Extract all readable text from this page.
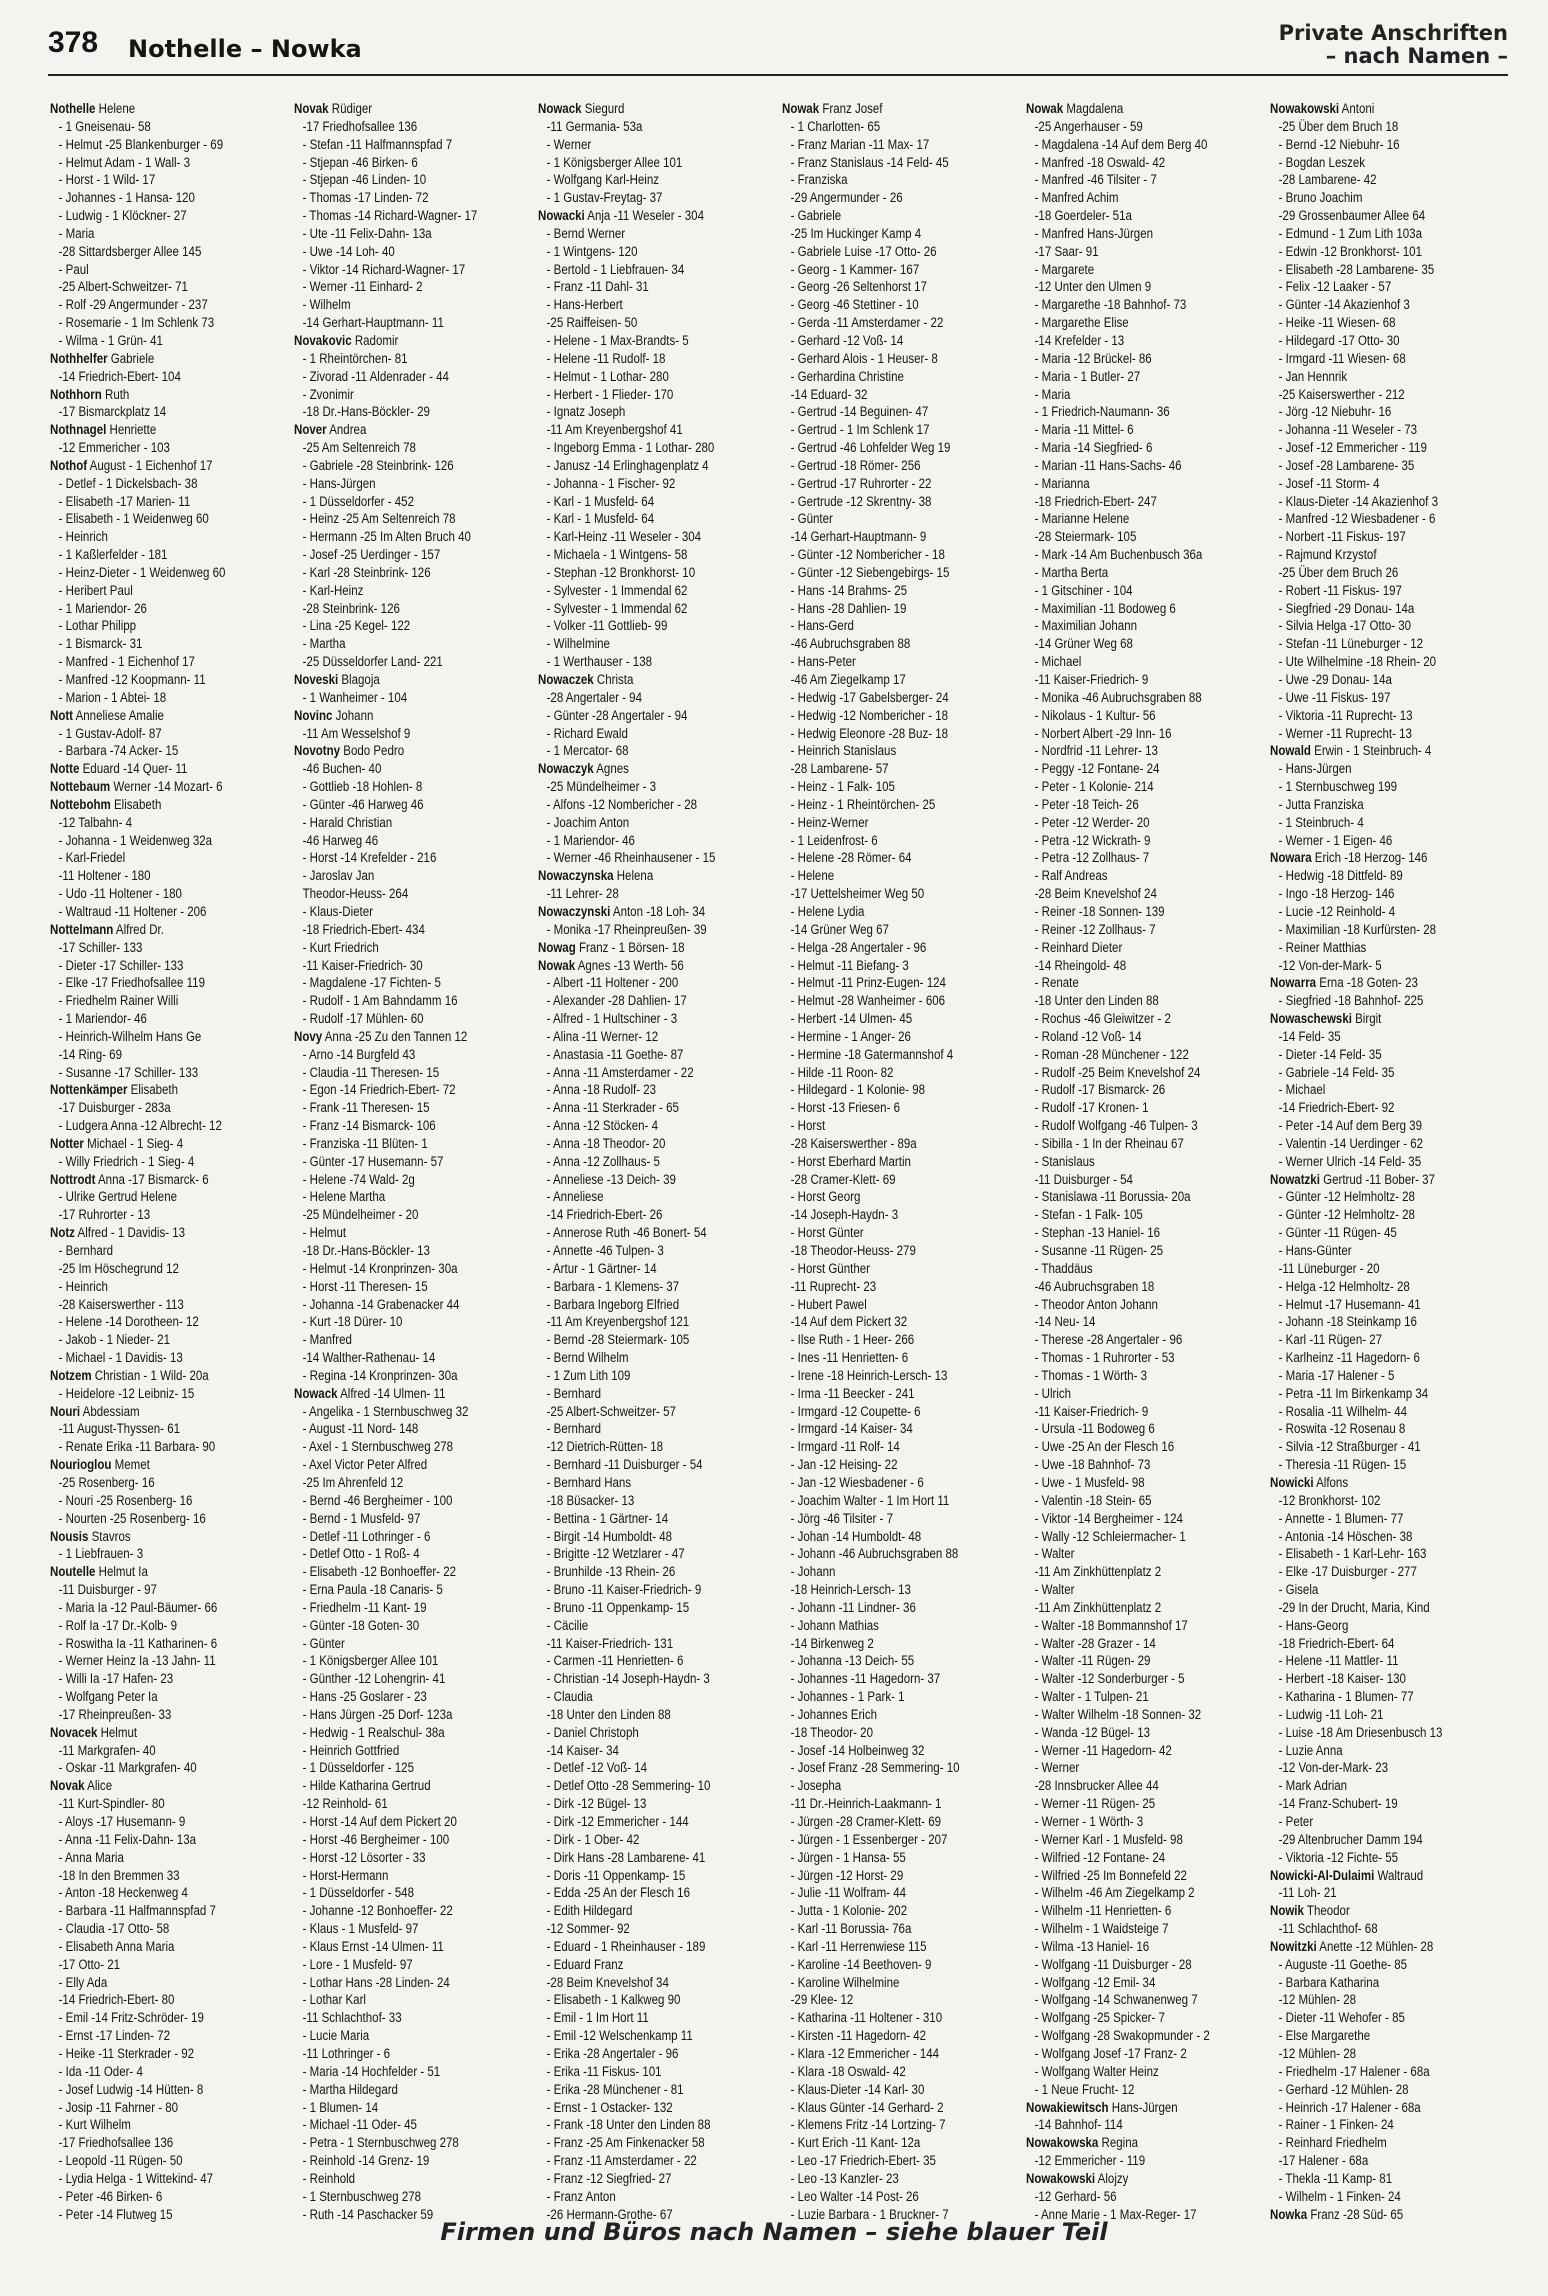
378 Nothelle – Nowka
Private Anschriften
– nach Namen –
Nothelle Helene
- 1 Gneisenau- 58
- Helmut -25 Blankenburger - 69
- Helmut Adam - 1 Wall- 3
- Horst - 1 Wild- 17
- Johannes - 1 Hansa- 120
- Ludwig - 1 Klöckner- 27
- Maria
-28 Sittardsberger Allee 145
- Paul
-25 Albert-Schweitzer- 71
- Rolf -29 Angermunder - 237
- Rosemarie - 1 Im Schlenk 73
- Wilma - 1 Grün- 41
Nothhelfer Gabriele
-14 Friedrich-Ebert- 104
Nothhorn Ruth
-17 Bismarckplatz 14
Nothnagel Henriette
-12 Emmericher - 103
Nothof August - 1 Eichenhof 17
- Detlef - 1 Dickelsbach- 38
- Elisabeth -17 Marien- 11
- Elisabeth - 1 Weidenweg 60
- Heinrich
- 1 Kaßlerfelder - 181
- Heinz-Dieter - 1 Weidenweg 60
- Heribert Paul
- 1 Mariendor- 26
- Lothar Philipp
- 1 Bismarck- 31
- Manfred - 1 Eichenhof 17
- Manfred -12 Koopmann- 11
- Marion - 1 Abtei- 18
Nott Anneliese Amalie
- 1 Gustav-Adolf- 87
- Barbara -74 Acker- 15
Notte Eduard -14 Quer- 11
Nottebaum Werner -14 Mozart- 6
Nottebohm Elisabeth
-12 Talbahn- 4
- Johanna - 1 Weidenweg 32a
- Karl-Friedel
-11 Holtener - 180
- Udo -11 Holtener - 180
- Waltraud -11 Holtener - 206
Nottelmann Alfred Dr.
-17 Schiller- 133
- Dieter -17 Schiller- 133
- Elke -17 Friedhofsallee 119
- Friedhelm Rainer Willi
- 1 Mariendor- 46
- Heinrich-Wilhelm Hans Ge
-14 Ring- 69
- Susanne -17 Schiller- 133
Nottenkämper Elisabeth
-17 Duisburger - 283a
- Ludgera Anna -12 Albrecht- 12
Notter Michael - 1 Sieg- 4
- Willy Friedrich - 1 Sieg- 4
Nottrodt Anna -17 Bismarck- 6
- Ulrike Gertrud Helene
-17 Ruhrorter - 13
Notz Alfred - 1 Davidis- 13
- Bernhard
-25 Im Höschegrund 12
- Heinrich
-28 Kaiserswerther - 113
- Helene -14 Dorotheen- 12
- Jakob - 1 Nieder- 21
- Michael - 1 Davidis- 13
Notzem Christian - 1 Wild- 20a
- Heidelore -12 Leibniz- 15
Nouri Abdessiam
-11 August-Thyssen- 61
- Renate Erika -11 Barbara- 90
Nourioglou Memet
-25 Rosenberg- 16
- Nouri -25 Rosenberg- 16
- Nourten -25 Rosenberg- 16
Nousis Stavros
- 1 Liebfrauen- 3
Noutelle Helmut Ia
-11 Duisburger - 97
- Maria Ia -12 Paul-Bäumer- 66
- Rolf Ia -17 Dr.-Kolb- 9
- Roswitha Ia -11 Katharinen- 6
- Werner Heinz Ia -13 Jahn- 11
- Willi Ia -17 Hafen- 23
- Wolfgang Peter Ia
-17 Rheinpreußen- 33
Novacek Helmut
-11 Markgrafen- 40
- Oskar -11 Markgrafen- 40
Novak Alice
-11 Kurt-Spindler- 80
- Aloys -17 Husemann- 9
- Anna -11 Felix-Dahn- 13a
- Anna Maria
-18 In den Bremmen 33
- Anton -18 Heckenweg 4
- Barbara -11 Halfmannspfad 7
- Claudia -17 Otto- 58
- Elisabeth Anna Maria
-17 Otto- 21
- Elly Ada
-14 Friedrich-Ebert- 80
- Emil -14 Fritz-Schröder- 19
- Ernst -17 Linden- 72
- Heike -11 Sterkrader - 92
- Ida -11 Oder- 4
- Josef Ludwig -14 Hütten- 8
- Josip -11 Fahrner - 80
- Kurt Wilhelm
-17 Friedhofsallee 136
- Leopold -11 Rügen- 50
- Lydia Helga - 1 Wittekind- 47
- Peter -46 Birken- 6
- Peter -14 Flutweg 15
Novak Rüdiger
-17 Friedhofsallee 136
- Stefan -11 Halfmannspfad 7
- Stjepan -46 Birken- 6
- Stjepan -46 Linden- 10
- Thomas -17 Linden- 72
- Thomas -14 Richard-Wagner- 17
- Ute -11 Felix-Dahn- 13a
- Uwe -14 Loh- 40
- Viktor -14 Richard-Wagner- 17
- Werner -11 Einhard- 2
- Wilhelm
-14 Gerhart-Hauptmann- 11
Novakovic Radomir
- 1 Rheintörchen- 81
- Zivorad -11 Aldenrader - 44
- Zvonimir
-18 Dr.-Hans-Böckler- 29
Nover Andrea
-25 Am Seltenreich 78
- Gabriele -28 Steinbrink- 126
- Hans-Jürgen
- 1 Düsseldorfer - 452
- Heinz -25 Am Seltenreich 78
- Hermann -25 Im Alten Bruch 40
- Josef -25 Uerdinger - 157
- Karl -28 Steinbrink- 126
- Karl-Heinz
-28 Steinbrink- 126
- Lina -25 Kegel- 122
- Martha
-25 Düsseldorfer Land- 221
Noveski Blagoja
- 1 Wanheimer - 104
Novinc Johann
-11 Am Wesselshof 9
Novotny Bodo Pedro
-46 Buchen- 40
- Gottlieb -18 Hohlen- 8
- Günter -46 Harweg 46
- Harald Christian
-46 Harweg 46
- Horst -14 Krefelder - 216
- Jaroslav Jan
Theodor-Heuss- 264
- Klaus-Dieter
-18 Friedrich-Ebert- 434
- Kurt Friedrich
-11 Kaiser-Friedrich- 30
- Magdalene -17 Fichten- 5
- Rudolf - 1 Am Bahndamm 16
- Rudolf -17 Mühlen- 60
Novy Anna -25 Zu den Tannen 12
- Arno -14 Burgfeld 43
- Claudia -11 Theresen- 15
- Egon -14 Friedrich-Ebert- 72
- Frank -11 Theresen- 15
- Franz -14 Bismarck- 106
- Franziska -11 Blüten- 1
- Günter -17 Husemann- 57
- Helene -74 Wald- 2g
- Helene Martha
-25 Mündelheimer - 20
- Helmut
-18 Dr.-Hans-Böckler- 13
- Helmut -14 Kronprinzen- 30a
- Horst -11 Theresen- 15
- Johanna -14 Grabenacker 44
- Kurt -18 Dürer- 10
- Manfred
-14 Walther-Rathenau- 14
- Regina -14 Kronprinzen- 30a
Nowack Alfred -14 Ulmen- 11
- Angelika - 1 Sternbuschweg 32
- August -11 Nord- 148
- Axel - 1 Sternbuschweg 278
- Axel Victor Peter Alfred
-25 Im Ahrenfeld 12
- Bernd -46 Bergheimer - 100
- Bernd - 1 Musfeld- 97
- Detlef -11 Lothringer - 6
- Detlef Otto - 1 Roß- 4
- Elisabeth -12 Bonhoeffer- 22
- Erna Paula -18 Canaris- 5
- Friedhelm -11 Kant- 19
- Günter -18 Goten- 30
- Günter
- 1 Königsberger Allee 101
- Günther -12 Lohengrin- 41
- Hans -25 Goslarer - 23
- Hans Jürgen -25 Dorf- 123a
- Hedwig - 1 Realschul- 38a
- Heinrich Gottfried
- 1 Düsseldorfer - 125
- Hilde Katharina Gertrud
-12 Reinhold- 61
- Horst -14 Auf dem Pickert 20
- Horst -46 Bergheimer - 100
- Horst -12 Lösorter - 33
- Horst-Hermann
- 1 Düsseldorfer - 548
- Johanne -12 Bonhoeffer- 22
- Klaus - 1 Musfeld- 97
- Klaus Ernst -14 Ulmen- 11
- Lore - 1 Musfeld- 97
- Lothar Hans -28 Linden- 24
- Lothar Karl
-11 Schlachthof- 33
- Lucie Maria
-11 Lothringer - 6
- Maria -14 Hochfelder - 51
- Martha Hildegard
- 1 Blumen- 14
- Michael -11 Oder- 45
- Petra - 1 Sternbuschweg 278
- Reinhold -14 Grenz- 19
- Reinhold
- 1 Sternbuschweg 278
- Ruth -14 Paschacker 59
Nowack Siegurd
-11 Germania- 53a
- Werner
- 1 Königsberger Allee 101
- Wolfgang Karl-Heinz
- 1 Gustav-Freytag- 37
Nowacki Anja -11 Weseler - 304
- Bernd Werner
- 1 Wintgens- 120
- Bertold - 1 Liebfrauen- 34
- Franz -11 Dahl- 31
- Hans-Herbert
-25 Raiffeisen- 50
- Helene - 1 Max-Brandts- 5
- Helene -11 Rudolf- 18
- Helmut - 1 Lothar- 280
- Herbert - 1 Flieder- 170
- Ignatz Joseph
-11 Am Kreyenbergshof 41
- Ingeborg Emma - 1 Lothar- 280
- Janusz -14 Erlinghagenplatz 4
- Johanna - 1 Fischer- 92
- Karl - 1 Musfeld- 64
- Karl - 1 Musfeld- 64
- Karl-Heinz -11 Weseler - 304
- Michaela - 1 Wintgens- 58
- Stephan -12 Bronkhorst- 10
- Sylvester - 1 Immendal 62
- Sylvester - 1 Immendal 62
- Volker -11 Gottlieb- 99
- Wilhelmine
- 1 Werthauser - 138
Nowaczek Christa
-28 Angertaler - 94
- Günter -28 Angertaler - 94
- Richard Ewald
- 1 Mercator- 68
Nowaczyk Agnes
-25 Mündelheimer - 3
- Alfons -12 Nombericher - 28
- Joachim Anton
- 1 Mariendor- 46
- Werner -46 Rheinhausener - 15
Nowaczynska Helena
-11 Lehrer- 28
Nowaczynski Anton -18 Loh- 34
- Monika -17 Rheinpreußen- 39
Nowag Franz - 1 Börsen- 18
Nowak Agnes -13 Werth- 56
- Albert -11 Holtener - 200
- Alexander -28 Dahlien- 17
- Alfred - 1 Hultschiner - 3
- Alina -11 Werner- 12
- Anastasia -11 Goethe- 87
- Anna -11 Amsterdamer - 22
- Anna -18 Rudolf- 23
- Anna -11 Sterkrader - 65
- Anna -12 Stöcken- 4
- Anna -18 Theodor- 20
- Anna -12 Zollhaus- 5
- Anneliese -13 Deich- 39
- Anneliese
-14 Friedrich-Ebert- 26
- Annerose Ruth -46 Bonert- 54
- Annette -46 Tulpen- 3
- Artur - 1 Gärtner- 14
- Barbara - 1 Klemens- 37
- Barbara Ingeborg Elfried
-11 Am Kreyenbergshof 121
- Bernd -28 Steiermark- 105
- Bernd Wilhelm
- 1 Zum Lith 109
- Bernhard
-25 Albert-Schweitzer- 57
- Bernhard
-12 Dietrich-Rütten- 18
- Bernhard -11 Duisburger - 54
- Bernhard Hans
-18 Büsacker- 13
- Bettina - 1 Gärtner- 14
- Birgit -14 Humboldt- 48
- Brigitte -12 Wetzlarer - 47
- Brunhilde -13 Rhein- 26
- Bruno -11 Kaiser-Friedrich- 9
- Bruno -11 Oppenkamp- 15
- Cäcilie
-11 Kaiser-Friedrich- 131
- Carmen -11 Henrietten- 6
- Christian -14 Joseph-Haydn- 3
- Claudia
-18 Unter den Linden 88
- Daniel Christoph
-14 Kaiser- 34
- Detlef -12 Voß- 14
- Detlef Otto -28 Semmering- 10
- Dirk -12 Bügel- 13
- Dirk -12 Emmericher - 144
- Dirk - 1 Ober- 42
- Dirk Hans -28 Lambarene- 41
- Doris -11 Oppenkamp- 15
- Edda -25 An der Flesch 16
- Edith Hildegard
-12 Sommer- 92
- Eduard - 1 Rheinhauser - 189
- Eduard Franz
-28 Beim Knevelshof 34
- Elisabeth - 1 Kalkweg 90
- Emil - 1 Im Hort 11
- Emil -12 Welschenkamp 11
- Erika -28 Angertaler - 96
- Erika -11 Fiskus- 101
- Erika -28 Münchener - 81
- Ernst - 1 Ostacker- 132
- Frank -18 Unter den Linden 88
- Franz -25 Am Finkenacker 58
- Franz -11 Amsterdamer - 22
- Franz -12 Siegfried- 27
- Franz Anton
-26 Hermann-Grothe- 67
Nowak Franz Josef
- 1 Charlotten- 65
- Franz Marian -11 Max- 17
- Franz Stanislaus -14 Feld- 45
- Franziska
-29 Angermunder - 26
- Gabriele
-25 Im Huckinger Kamp 4
- Gabriele Luise -17 Otto- 26
- Georg - 1 Kammer- 167
- Georg -26 Seltenhorst 17
- Georg -46 Stettiner - 10
- Gerda -11 Amsterdamer - 22
- Gerhard -12 Voß- 14
- Gerhard Alois - 1 Heuser- 8
- Gerhardina Christine
-14 Eduard- 32
- Gertrud -14 Beguinen- 47
- Gertrud - 1 Im Schlenk 17
- Gertrud -46 Lohfelder Weg 19
- Gertrud -18 Römer- 256
- Gertrud -17 Ruhrorter - 22
- Gertrude -12 Skrentny- 38
- Günter
-14 Gerhart-Hauptmann- 9
- Günter -12 Nombericher - 18
- Günter -12 Siebengebirgs- 15
- Hans -14 Brahms- 25
- Hans -28 Dahlien- 19
- Hans-Gerd
-46 Aubruchsgraben 88
- Hans-Peter
-46 Am Ziegelkamp 17
- Hedwig -17 Gabelsberger- 24
- Hedwig -12 Nombericher - 18
- Hedwig Eleonore -28 Buz- 18
- Heinrich Stanislaus
-28 Lambarene- 57
- Heinz - 1 Falk- 105
- Heinz - 1 Rheintörchen- 25
- Heinz-Werner
- 1 Leidenfrost- 6
- Helene -28 Römer- 64
- Helene
-17 Uettelsheimer Weg 50
- Helene Lydia
-14 Grüner Weg 67
- Helga -28 Angertaler - 96
- Helmut -11 Biefang- 3
- Helmut -11 Prinz-Eugen- 124
- Helmut -28 Wanheimer - 606
- Herbert -14 Ulmen- 45
- Hermine - 1 Anger- 26
- Hermine -18 Gatermannshof 4
- Hilde -11 Roon- 82
- Hildegard - 1 Kolonie- 98
- Horst -13 Friesen- 6
- Horst
-28 Kaiserswerther - 89a
- Horst Eberhard Martin
-28 Cramer-Klett- 69
- Horst Georg
-14 Joseph-Haydn- 3
- Horst Günter
-18 Theodor-Heuss- 279
- Horst Günther
-11 Ruprecht- 23
- Hubert Pawel
-14 Auf dem Pickert 32
- Ilse Ruth - 1 Heer- 266
- Ines -11 Henrietten- 6
- Irene -18 Heinrich-Lersch- 13
- Irma -11 Beecker - 241
- Irmgard -12 Coupette- 6
- Irmgard -14 Kaiser- 34
- Irmgard -11 Rolf- 14
- Jan -12 Heising- 22
- Jan -12 Wiesbadener - 6
- Joachim Walter - 1 Im Hort 11
- Jörg -46 Tilsiter - 7
- Johan -14 Humboldt- 48
- Johann -46 Aubruchsgraben 88
- Johann
-18 Heinrich-Lersch- 13
- Johann -11 Lindner- 36
- Johann Mathias
-14 Birkenweg 2
- Johanna -13 Deich- 55
- Johannes -11 Hagedorn- 37
- Johannes - 1 Park- 1
- Johannes Erich
-18 Theodor- 20
- Josef -14 Holbeinweg 32
- Josef Franz -28 Semmering- 10
- Josepha
-11 Dr.-Heinrich-Laakmann- 1
- Jürgen -28 Cramer-Klett- 69
- Jürgen - 1 Essenberger - 207
- Jürgen - 1 Hansa- 55
- Jürgen -12 Horst- 29
- Julie -11 Wolfram- 44
- Jutta - 1 Kolonie- 202
- Karl -11 Borussia- 76a
- Karl -11 Herrenwiese 115
- Karoline -14 Beethoven- 9
- Karoline Wilhelmine
-29 Klee- 12
- Katharina -11 Holtener - 310
- Kirsten -11 Hagedorn- 42
- Klara -12 Emmericher - 144
- Klara -18 Oswald- 42
- Klaus-Dieter -14 Karl- 30
- Klaus Günter -14 Gerhard- 2
- Klemens Fritz -14 Lortzing- 7
- Kurt Erich -11 Kant- 12a
- Leo -17 Friedrich-Ebert- 35
- Leo -13 Kanzler- 23
- Leo Walter -14 Post- 26
- Luzie Barbara - 1 Bruckner- 7
Nowak Magdalena
-25 Angerhauser - 59
- Magdalena -14 Auf dem Berg 40
- Manfred -18 Oswald- 42
- Manfred -46 Tilsiter - 7
- Manfred Achim
-18 Goerdeler- 51a
- Manfred Hans-Jürgen
-17 Saar- 91
- Margarete
-12 Unter den Ulmen 9
- Margarethe -18 Bahnhof- 73
- Margarethe Elise
-14 Krefelder - 13
- Maria -12 Brückel- 86
- Maria - 1 Butler- 27
- Maria
- 1 Friedrich-Naumann- 36
- Maria -11 Mittel- 6
- Maria -14 Siegfried- 6
- Marian -11 Hans-Sachs- 46
- Marianna
-18 Friedrich-Ebert- 247
- Marianne Helene
-28 Steiermark- 105
- Mark -14 Am Buchenbusch 36a
- Martha Berta
- 1 Gitschiner - 104
- Maximilian -11 Bodoweg 6
- Maximilian Johann
-14 Grüner Weg 68
- Michael
-11 Kaiser-Friedrich- 9
- Monika -46 Aubruchsgraben 88
- Nikolaus - 1 Kultur- 56
- Norbert Albert -29 Inn- 16
- Nordfrid -11 Lehrer- 13
- Peggy -12 Fontane- 24
- Peter - 1 Kolonie- 214
- Peter -18 Teich- 26
- Peter -12 Werder- 20
- Petra -12 Wickrath- 9
- Petra -12 Zollhaus- 7
- Ralf Andreas
-28 Beim Knevelshof 24
- Reiner -18 Sonnen- 139
- Reiner -12 Zollhaus- 7
- Reinhard Dieter
-14 Rheingold- 48
- Renate
-18 Unter den Linden 88
- Rochus -46 Gleiwitzer - 2
- Roland -12 Voß- 14
- Roman -28 Münchener - 122
- Rudolf -25 Beim Knevelshof 24
- Rudolf -17 Bismarck- 26
- Rudolf -17 Kronen- 1
- Rudolf Wolfgang -46 Tulpen- 3
- Sibilla - 1 In der Rheinau 67
- Stanislaus
-11 Duisburger - 54
- Stanislawa -11 Borussia- 20a
- Stefan - 1 Falk- 105
- Stephan -13 Haniel- 16
- Susanne -11 Rügen- 25
- Thaddäus
-46 Aubruchsgraben 18
- Theodor Anton Johann
-14 Neu- 14
- Therese -28 Angertaler - 96
- Thomas - 1 Ruhrorter - 53
- Thomas - 1 Wörth- 3
- Ulrich
-11 Kaiser-Friedrich- 9
- Ursula -11 Bodoweg 6
- Uwe -25 An der Flesch 16
- Uwe -18 Bahnhof- 73
- Uwe - 1 Musfeld- 98
- Valentin -18 Stein- 65
- Viktor -14 Bergheimer - 124
- Wally -12 Schleiermacher- 1
- Walter
-11 Am Zinkhüttenplatz 2
- Walter
-11 Am Zinkhüttenplatz 2
- Walter -18 Bommannshof 17
- Walter -28 Grazer - 14
- Walter -11 Rügen- 29
- Walter -12 Sonderburger - 5
- Walter - 1 Tulpen- 21
- Walter Wilhelm -18 Sonnen- 32
- Wanda -12 Bügel- 13
- Werner -11 Hagedorn- 42
- Werner
-28 Innsbrucker Allee 44
- Werner -11 Rügen- 25
- Werner - 1 Wörth- 3
- Werner Karl - 1 Musfeld- 98
- Wilfried -12 Fontane- 24
- Wilfried -25 Im Bonnefeld 22
- Wilhelm -46 Am Ziegelkamp 2
- Wilhelm -11 Henrietten- 6
- Wilhelm - 1 Waidsteige 7
- Wilma -13 Haniel- 16
- Wolfgang -11 Duisburger - 28
- Wolfgang -12 Emil- 34
- Wolfgang -14 Schwanenweg 7
- Wolfgang -25 Spicker- 7
- Wolfgang -28 Swakopmunder - 2
- Wolfgang Josef -17 Franz- 2
- Wolfgang Walter Heinz
- 1 Neue Frucht- 12
Nowakiewitsch Hans-Jürgen
-14 Bahnhof- 114
Nowakowska Regina
-12 Emmericher - 119
Nowakowski Alojzy
-12 Gerhard- 56
- Anne Marie - 1 Max-Reger- 17
Nowakowski Antoni
-25 Über dem Bruch 18
- Bernd -12 Niebuhr- 16
- Bogdan Leszek
-28 Lambarene- 42
- Bruno Joachim
-29 Grossenbaumer Allee 64
- Edmund - 1 Zum Lith 103a
- Edwin -12 Bronkhorst- 101
- Elisabeth -28 Lambarene- 35
- Felix -12 Laaker - 57
- Günter -14 Akazienhof 3
- Heike -11 Wiesen- 68
- Hildegard -17 Otto- 30
- Irmgard -11 Wiesen- 68
- Jan Hennrik
-25 Kaiserswerther - 212
- Jörg -12 Niebuhr- 16
- Johanna -11 Weseler - 73
- Josef -12 Emmericher - 119
- Josef -28 Lambarene- 35
- Josef -11 Storm- 4
- Klaus-Dieter -14 Akazienhof 3
- Manfred -12 Wiesbadener - 6
- Norbert -11 Fiskus- 197
- Rajmund Krzystof
-25 Über dem Bruch 26
- Robert -11 Fiskus- 197
- Siegfried -29 Donau- 14a
- Silvia Helga -17 Otto- 30
- Stefan -11 Lüneburger - 12
- Ute Wilhelmine -18 Rhein- 20
- Uwe -29 Donau- 14a
- Uwe -11 Fiskus- 197
- Viktoria -11 Ruprecht- 13
- Werner -11 Ruprecht- 13
Nowald Erwin - 1 Steinbruch- 4
- Hans-Jürgen
- 1 Sternbuschweg 199
- Jutta Franziska
- 1 Steinbruch- 4
- Werner - 1 Eigen- 46
Nowara Erich -18 Herzog- 146
- Hedwig -18 Dittfeld- 89
- Ingo -18 Herzog- 146
- Lucie -12 Reinhold- 4
- Maximilian -18 Kurfürsten- 28
- Reiner Matthias
-12 Von-der-Mark- 5
Nowarra Erna -18 Goten- 23
- Siegfried -18 Bahnhof- 225
Nowaschewski Birgit
-14 Feld- 35
- Dieter -14 Feld- 35
- Gabriele -14 Feld- 35
- Michael
-14 Friedrich-Ebert- 92
- Peter -14 Auf dem Berg 39
- Valentin -14 Uerdinger - 62
- Werner Ulrich -14 Feld- 35
Nowatzki Gertrud -11 Bober- 37
- Günter -12 Helmholtz- 28
- Günter -12 Helmholtz- 28
- Günter -11 Rügen- 45
- Hans-Günter
-11 Lüneburger - 20
- Helga -12 Helmholtz- 28
- Helmut -17 Husemann- 41
- Johann -18 Steinkamp 16
- Karl -11 Rügen- 27
- Karlheinz -11 Hagedorn- 6
- Maria -17 Halener - 5
- Petra -11 Im Birkenkamp 34
- Rosalia -11 Wilhelm- 44
- Roswita -12 Rosenau 8
- Silvia -12 Straßburger - 41
- Theresia -11 Rügen- 15
Nowicki Alfons
-12 Bronkhorst- 102
- Annette - 1 Blumen- 77
- Antonia -14 Höschen- 38
- Elisabeth - 1 Karl-Lehr- 163
- Elke -17 Duisburger - 277
- Gisela
-29 In der Drucht, Maria, Kind
- Hans-Georg
-18 Friedrich-Ebert- 64
- Helene -11 Mattler- 11
- Herbert -18 Kaiser- 130
- Katharina - 1 Blumen- 77
- Ludwig -11 Loh- 21
- Luise -18 Am Driesenbusch 13
- Luzie Anna
-12 Von-der-Mark- 23
- Mark Adrian
-14 Franz-Schubert- 19
- Peter
-29 Altenbrucher Damm 194
- Viktoria -12 Fichte- 55
Nowicki-Al-Dulaimi Waltraud
-11 Loh- 21
Nowik Theodor
-11 Schlachthof- 68
Nowitzki Anette -12 Mühlen- 28
- Auguste -11 Goethe- 85
- Barbara Katharina
-12 Mühlen- 28
- Dieter -11 Wehofer - 85
- Else Margarethe
-12 Mühlen- 28
- Friedhelm -17 Halener - 68a
- Gerhard -12 Mühlen- 28
- Heinrich -17 Halener - 68a
- Rainer - 1 Finken- 24
- Reinhard Friedhelm
-17 Halener - 68a
- Thekla -11 Kamp- 81
- Wilhelm - 1 Finken- 24
Nowka Franz -28 Süd- 65
Firmen und Büros nach Namen – siehe blauer Teil
